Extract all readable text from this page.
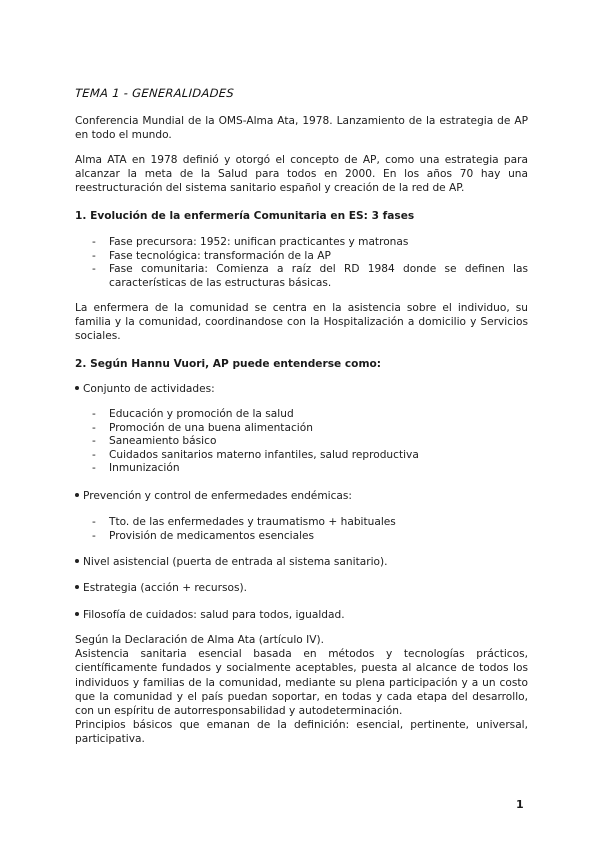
TEMA 1 - GENERALIDADES

Conferencia Mundial de la OMS-Alma Ata, 1978. Lanzamiento de la estrategia de AP en todo el mundo.

Alma ATA en 1978 definió y otorgó el concepto de AP, como una estrategia para alcanzar la meta de la Salud para todos en 2000. En los años 70 hay una reestructuración del sistema sanitario español y creación de la red de AP.

1. Evolución de la enfermería Comunitaria en ES: 3 fases
- Fase precursora: 1952: unifican practicantes y matronas
- Fase tecnológica: transformación de la AP
- Fase comunitaria: Comienza a raíz del RD 1984 donde se definen las características de las estructuras básicas.

La enfermera de la comunidad se centra en la asistencia sobre el individuo, su familia y la comunidad, coordinandose con la Hospitalización a domicilio y Servicios sociales.

2. Según Hannu Vuori, AP puede entenderse como:
Conjunto de actividades:
- Educación y promoción de la salud
- Promoción de una buena alimentación
- Saneamiento básico
- Cuidados sanitarios materno infantiles, salud reproductiva
- Inmunización
Prevención y control de enfermedades endémicas:
- Tto. de las enfermedades y traumatismo + habituales
- Provisión de medicamentos esenciales
Nivel asistencial (puerta de entrada al sistema sanitario).
Estrategia (acción + recursos).
Filosofía de cuidados: salud para todos, igualdad.

Según la Declaración de Alma Ata (artículo IV).

Asistencia sanitaria esencial basada en métodos y tecnologías prácticos, científicamente fundados y socialmente aceptables, puesta al alcance de todos los individuos y familias de la comunidad, mediante su plena participación y a un costo que la comunidad y el país puedan soportar, en todas y cada etapa del desarrollo, con un espíritu de autorresponsabilidad y autodeterminación.

Principios básicos que emanan de la definición: esencial, pertinente, universal, participativa.

1
